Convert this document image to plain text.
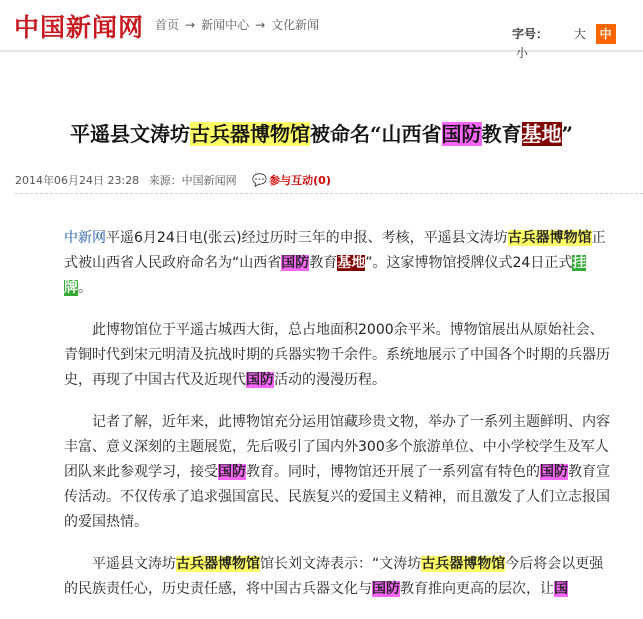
中国新闻网 首页 → 新闻中心 → 文化新闻
字号： 大 中 小
平遥县文涛坊古兵器博物馆被命名“山西省国防教育基地”
2014年06月24日 23:28 来源：中国新闻网 💬 参与互动(0)

中新网平遥6月24日电(张云)经过历时三年的申报、考核，平遥县文涛坊古兵器博物馆正式被山西省人民政府命名为“山西省国防教育基地”。这家博物馆授牌仪式24日正式挂牌。

此博物馆位于平遥古城西大街，总占地面积2000余平米。博物馆展出从原始社会、青铜时代到宋元明清及抗战时期的兵器实物千余件。系统地展示了中国各个时期的兵器历史，再现了中国古代及近现代国防活动的漫漫历程。

记者了解，近年来，此博物馆充分运用馆藏珍贵文物，举办了一系列主题鲜明、内容丰富、意义深刻的主题展览，先后吸引了国内外300多个旅游单位、中小学校学生及军人团队来此参观学习，接受国防教育。同时，博物馆还开展了一系列富有特色的国防教育宣传活动。不仅传承了追求强国富民、民族复兴的爱国主义精神，而且激发了人们立志报国的爱国热情。

平遥县文涛坊古兵器博物馆馆长刘文涛表示：“文涛坊古兵器博物馆今后将会以更强的民族责任心，历史责任感，将中国古兵器文化与国防教育推向更高的层次，让国
